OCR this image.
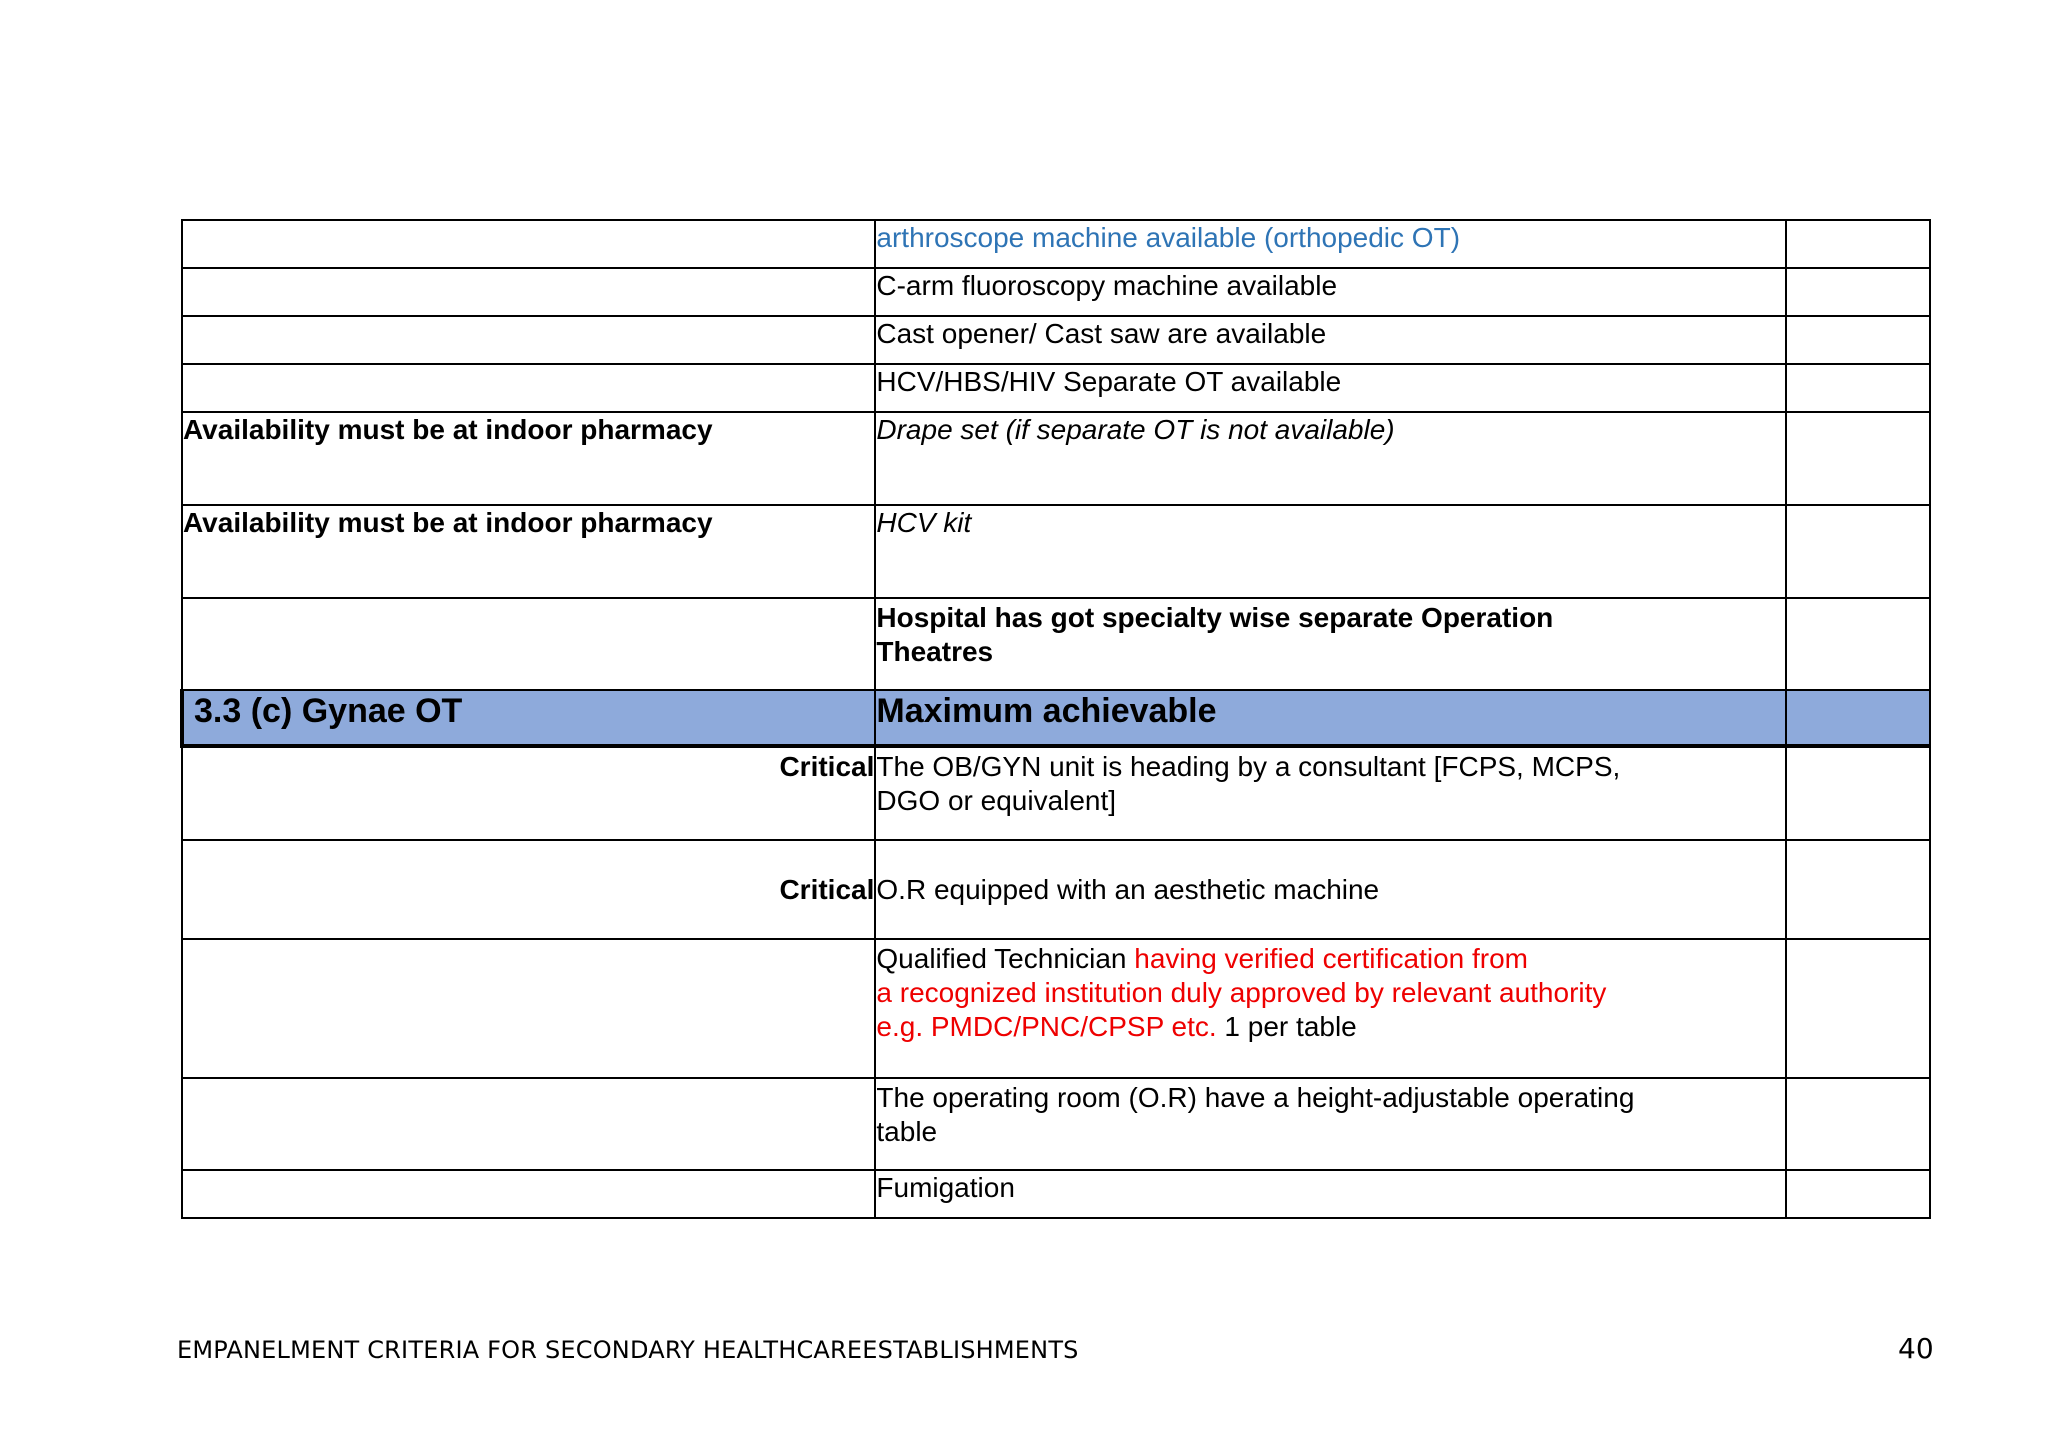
	arthroscope machine available (orthopedic OT)	
	C-arm fluoroscopy machine available	
	Cast opener/ Cast saw are available	
	HCV/HBS/HIV Separate OT available	
Availability must be at indoor pharmacy	Drape set (if separate OT is not available)	
Availability must be at indoor pharmacy	HCV kit	

	Hospital has got specialty wise separate Operation
Theatres	

3.3 (c) Gynae OT	Maximum achievable	
Critical	The OB/GYN unit is heading by a consultant [FCPS, MCPS,
DGO or equivalent]	

Critical	O.R equipped with an aesthetic machine	

	Qualified Technician having verified certification from
a recognized institution duly approved by relevant authority
e.g. PMDC/PNC/CPSP etc. 1 per table	

	The operating room (O.R) have a height-adjustable operating
table	

	Fumigation	
EMPANELMENT CRITERIA FOR SECONDARY HEALTHCAREESTABLISHMENTS	40
